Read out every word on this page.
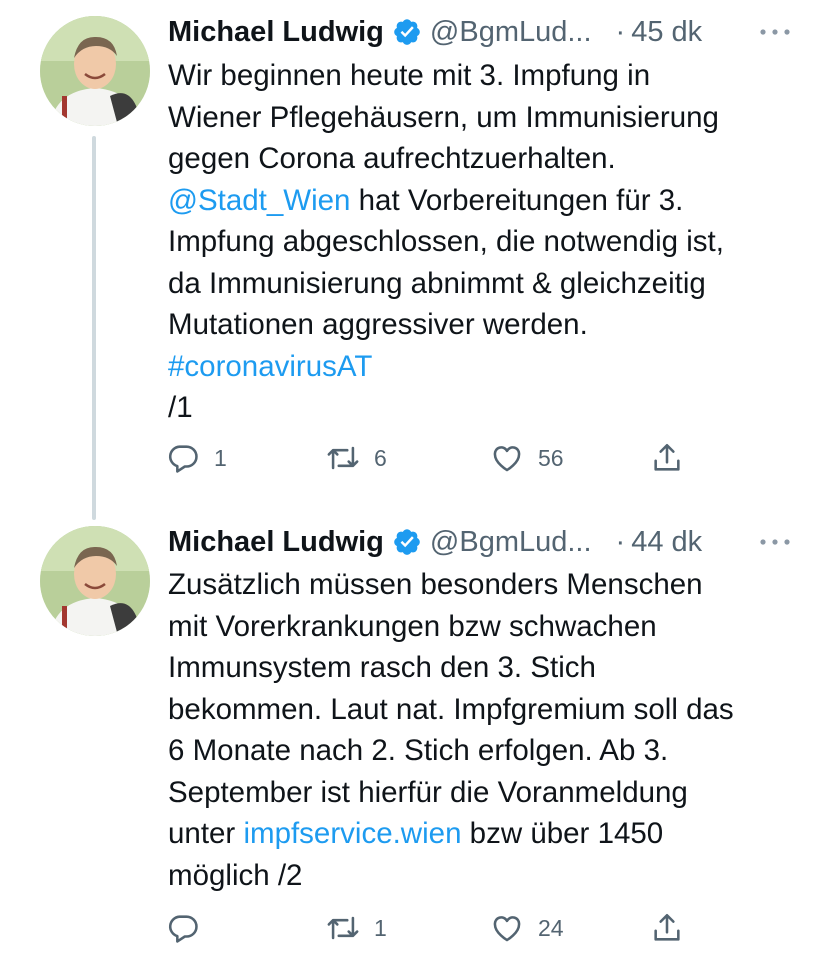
Michael Ludwig @BgmLud... · 45 dk
Wir beginnen heute mit 3. Impfung in
Wiener Pflegehäusern, um Immunisierung
gegen Corona aufrechtzuerhalten.
@Stadt_Wien hat Vorbereitungen für 3.
Impfung abgeschlossen, die notwendig ist,
da Immunisierung abnimmt & gleichzeitig
Mutationen aggressiver werden.
#coronavirusAT
/1
1	6	56
Michael Ludwig @BgmLud... · 44 dk
Zusätzlich müssen besonders Menschen
mit Vorerkrankungen bzw schwachen
Immunsystem rasch den 3. Stich
bekommen. Laut nat. Impfgremium soll das
6 Monate nach 2. Stich erfolgen. Ab 3.
September ist hierfür die Voranmeldung
unter impfservice.wien bzw über 1450
möglich /2
1	24
